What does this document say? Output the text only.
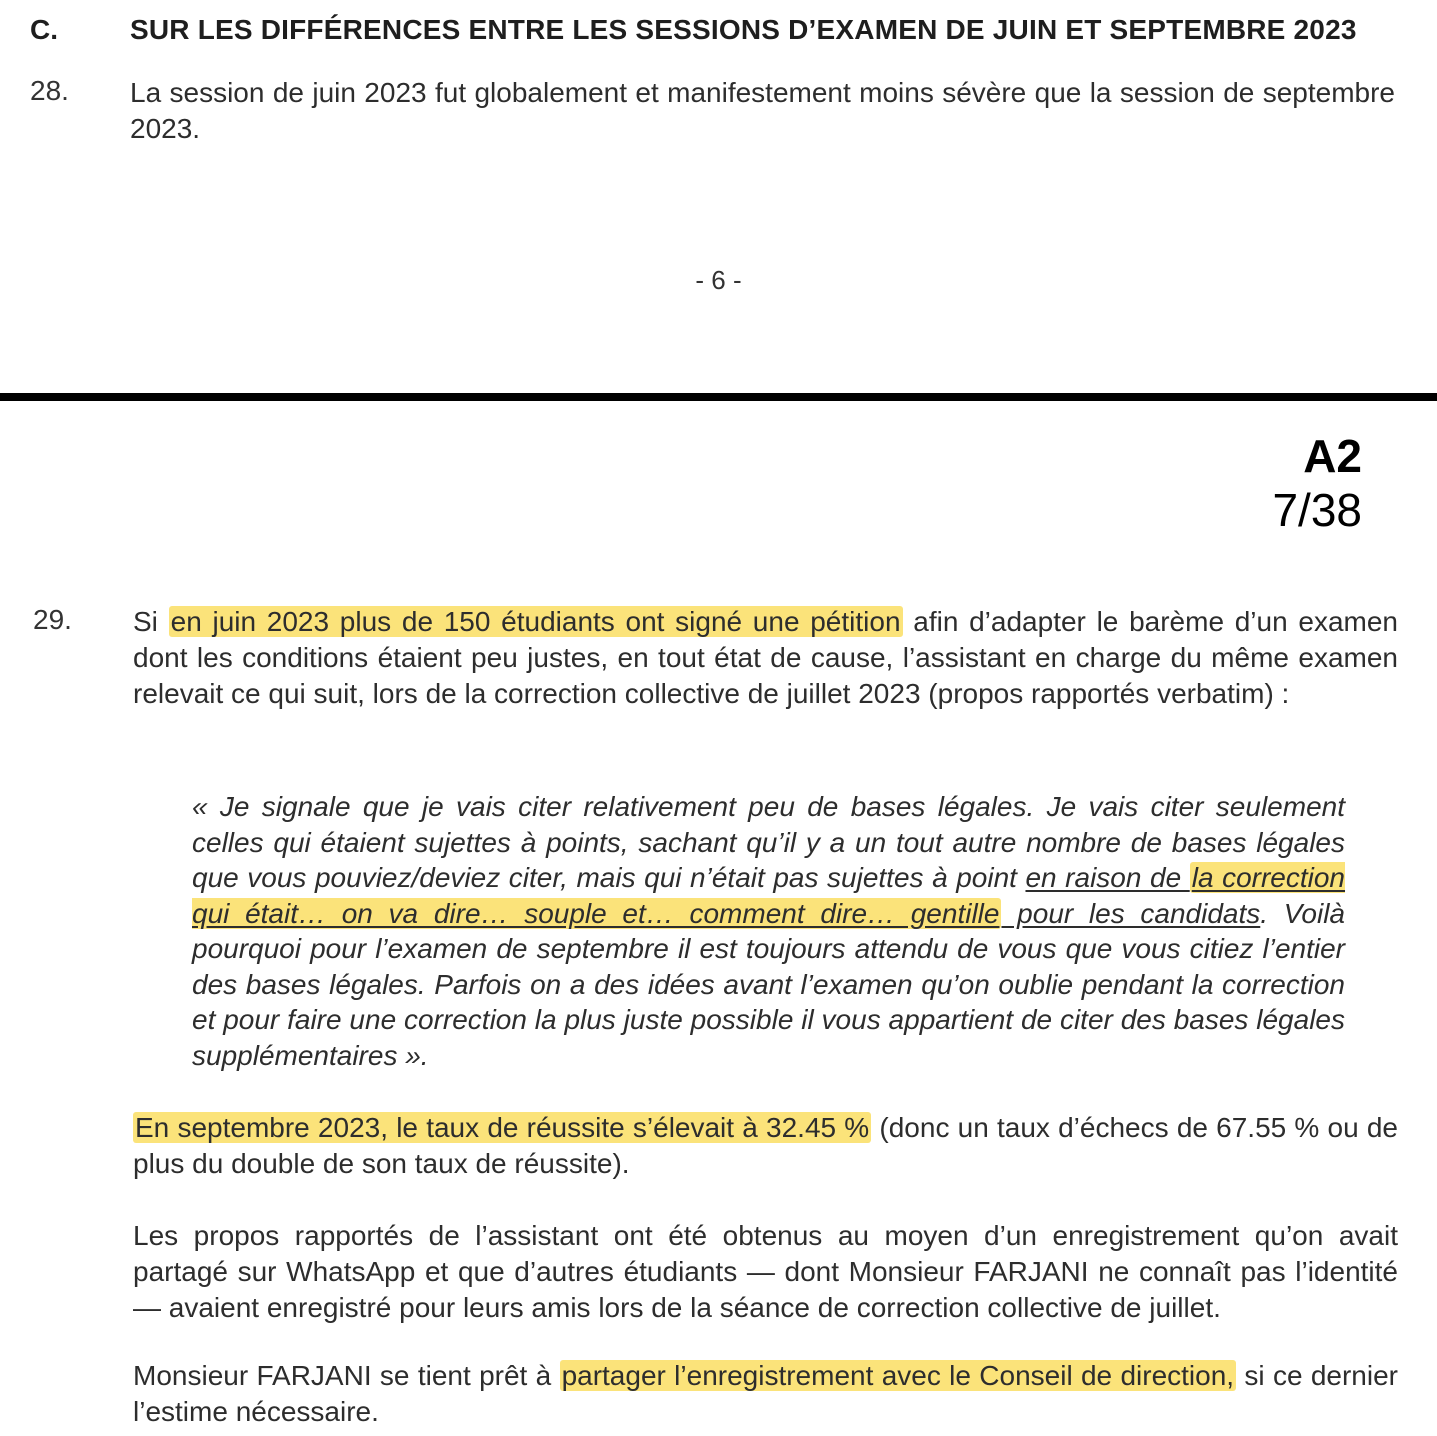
C.	SUR LES DIFFÉRENCES ENTRE LES SESSIONS D’EXAMEN DE JUIN ET SEPTEMBRE 2023
28. La session de juin 2023 fut globalement et manifestement moins sévère que la session de septembre 2023.
- 6 -
A2
7/38
29. Si en juin 2023 plus de 150 étudiants ont signé une pétition afin d’adapter le barème d’un examen dont les conditions étaient peu justes, en tout état de cause, l’assistant en charge du même examen relevait ce qui suit, lors de la correction collective de juillet 2023 (propos rapportés verbatim) :
« Je signale que je vais citer relativement peu de bases légales. Je vais citer seulement celles qui étaient sujettes à points, sachant qu’il y a un tout autre nombre de bases légales que vous pouviez/deviez citer, mais qui n’était pas sujettes à point en raison de la correction qui était… on va dire… souple et… comment dire… gentille pour les candidats. Voilà pourquoi pour l’examen de septembre il est toujours attendu de vous que vous citiez l’entier des bases légales. Parfois on a des idées avant l’examen qu’on oublie pendant la correction et pour faire une correction la plus juste possible il vous appartient de citer des bases légales supplémentaires ».
En septembre 2023, le taux de réussite s’élevait à 32.45 % (donc un taux d’échecs de 67.55 % ou de plus du double de son taux de réussite).
Les propos rapportés de l’assistant ont été obtenus au moyen d’un enregistrement qu’on avait partagé sur WhatsApp et que d’autres étudiants — dont Monsieur FARJANI ne connaît pas l’identité — avaient enregistré pour leurs amis lors de la séance de correction collective de juillet.
Monsieur FARJANI se tient prêt à partager l’enregistrement avec le Conseil de direction, si ce dernier l’estime nécessaire.
